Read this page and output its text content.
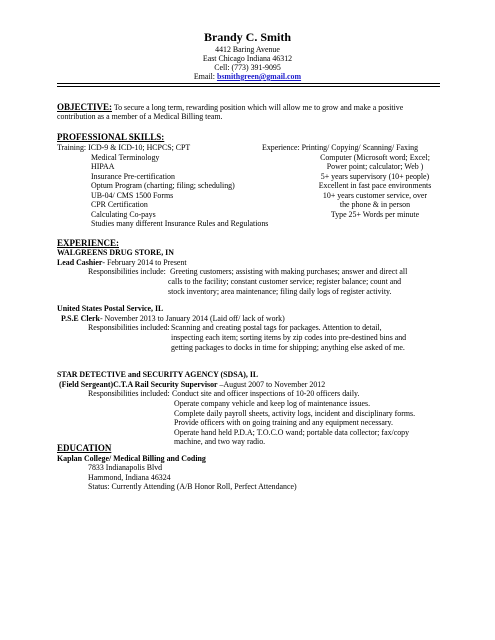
Brandy C. Smith
4412 Baring Avenue
East Chicago Indiana 46312
Cell: (773) 391-9095
Email: bsmithgreen@gmail.com
OBJECTIVE: To secure a long term, rewarding position which will allow me to grow and make a positive
contribution as a member of a Medical Billing team.
PROFESSIONAL SKILLS:
Training: ICD-9 & ICD-10; HCPCS; CPT
Medical Terminology
HIPAA
Insurance Pre-certification
Optum Program (charting; filing; scheduling)
UB-04/ CMS 1500 Forms
CPR Certification
Calculating Co-pays
Studies many different Insurance Rules and Regulations
Experience: Printing/ Copying/ Scanning/ Faxing
Computer (Microsoft word; Excel;
Power point; calculator; Web )
5+ years supervisory (10+ people)
Excellent in fast pace environments
10+ years customer service, over
the phone & in person
Type 25+ Words per minute
EXPERIENCE:
WALGREENS DRUG STORE, IN
Lead Cashier- February 2014 to Present
Responsibilities include: Greeting customers; assisting with making purchases; answer and direct all
calls to the facility; constant customer service; register balance; count and
stock inventory; area maintenance; filing daily logs of register activity.
United States Postal Service, IL
P.S.E Clerk- November 2013 to January 2014 (Laid off/ lack of work)
Responsibilities included: Scanning and creating postal tags for packages. Attention to detail,
inspecting each item; sorting items by zip codes into pre-destined bins and
getting packages to docks in time for shipping; anything else asked of me.
STAR DETECTIVE and SECURITY AGENCY (SDSA), IL
(Field Sergeant)C.T.A Rail Security Supervisor –August 2007 to November 2012
Responsibilities included: Conduct site and officer inspections of 10-20 officers daily.
Operate company vehicle and keep log of maintenance issues.
Complete daily payroll sheets, activity logs, incident and disciplinary forms.
Provide officers with on going training and any equipment necessary.
Operate hand held P.D.A; T.O.C.O wand; portable data collector; fax/copy
machine, and two way radio.
EDUCATION
Kaplan College/ Medical Billing and Coding
7833 Indianapolis Blvd
Hammond, Indiana 46324
Status: Currently Attending (A/B Honor Roll, Perfect Attendance)
